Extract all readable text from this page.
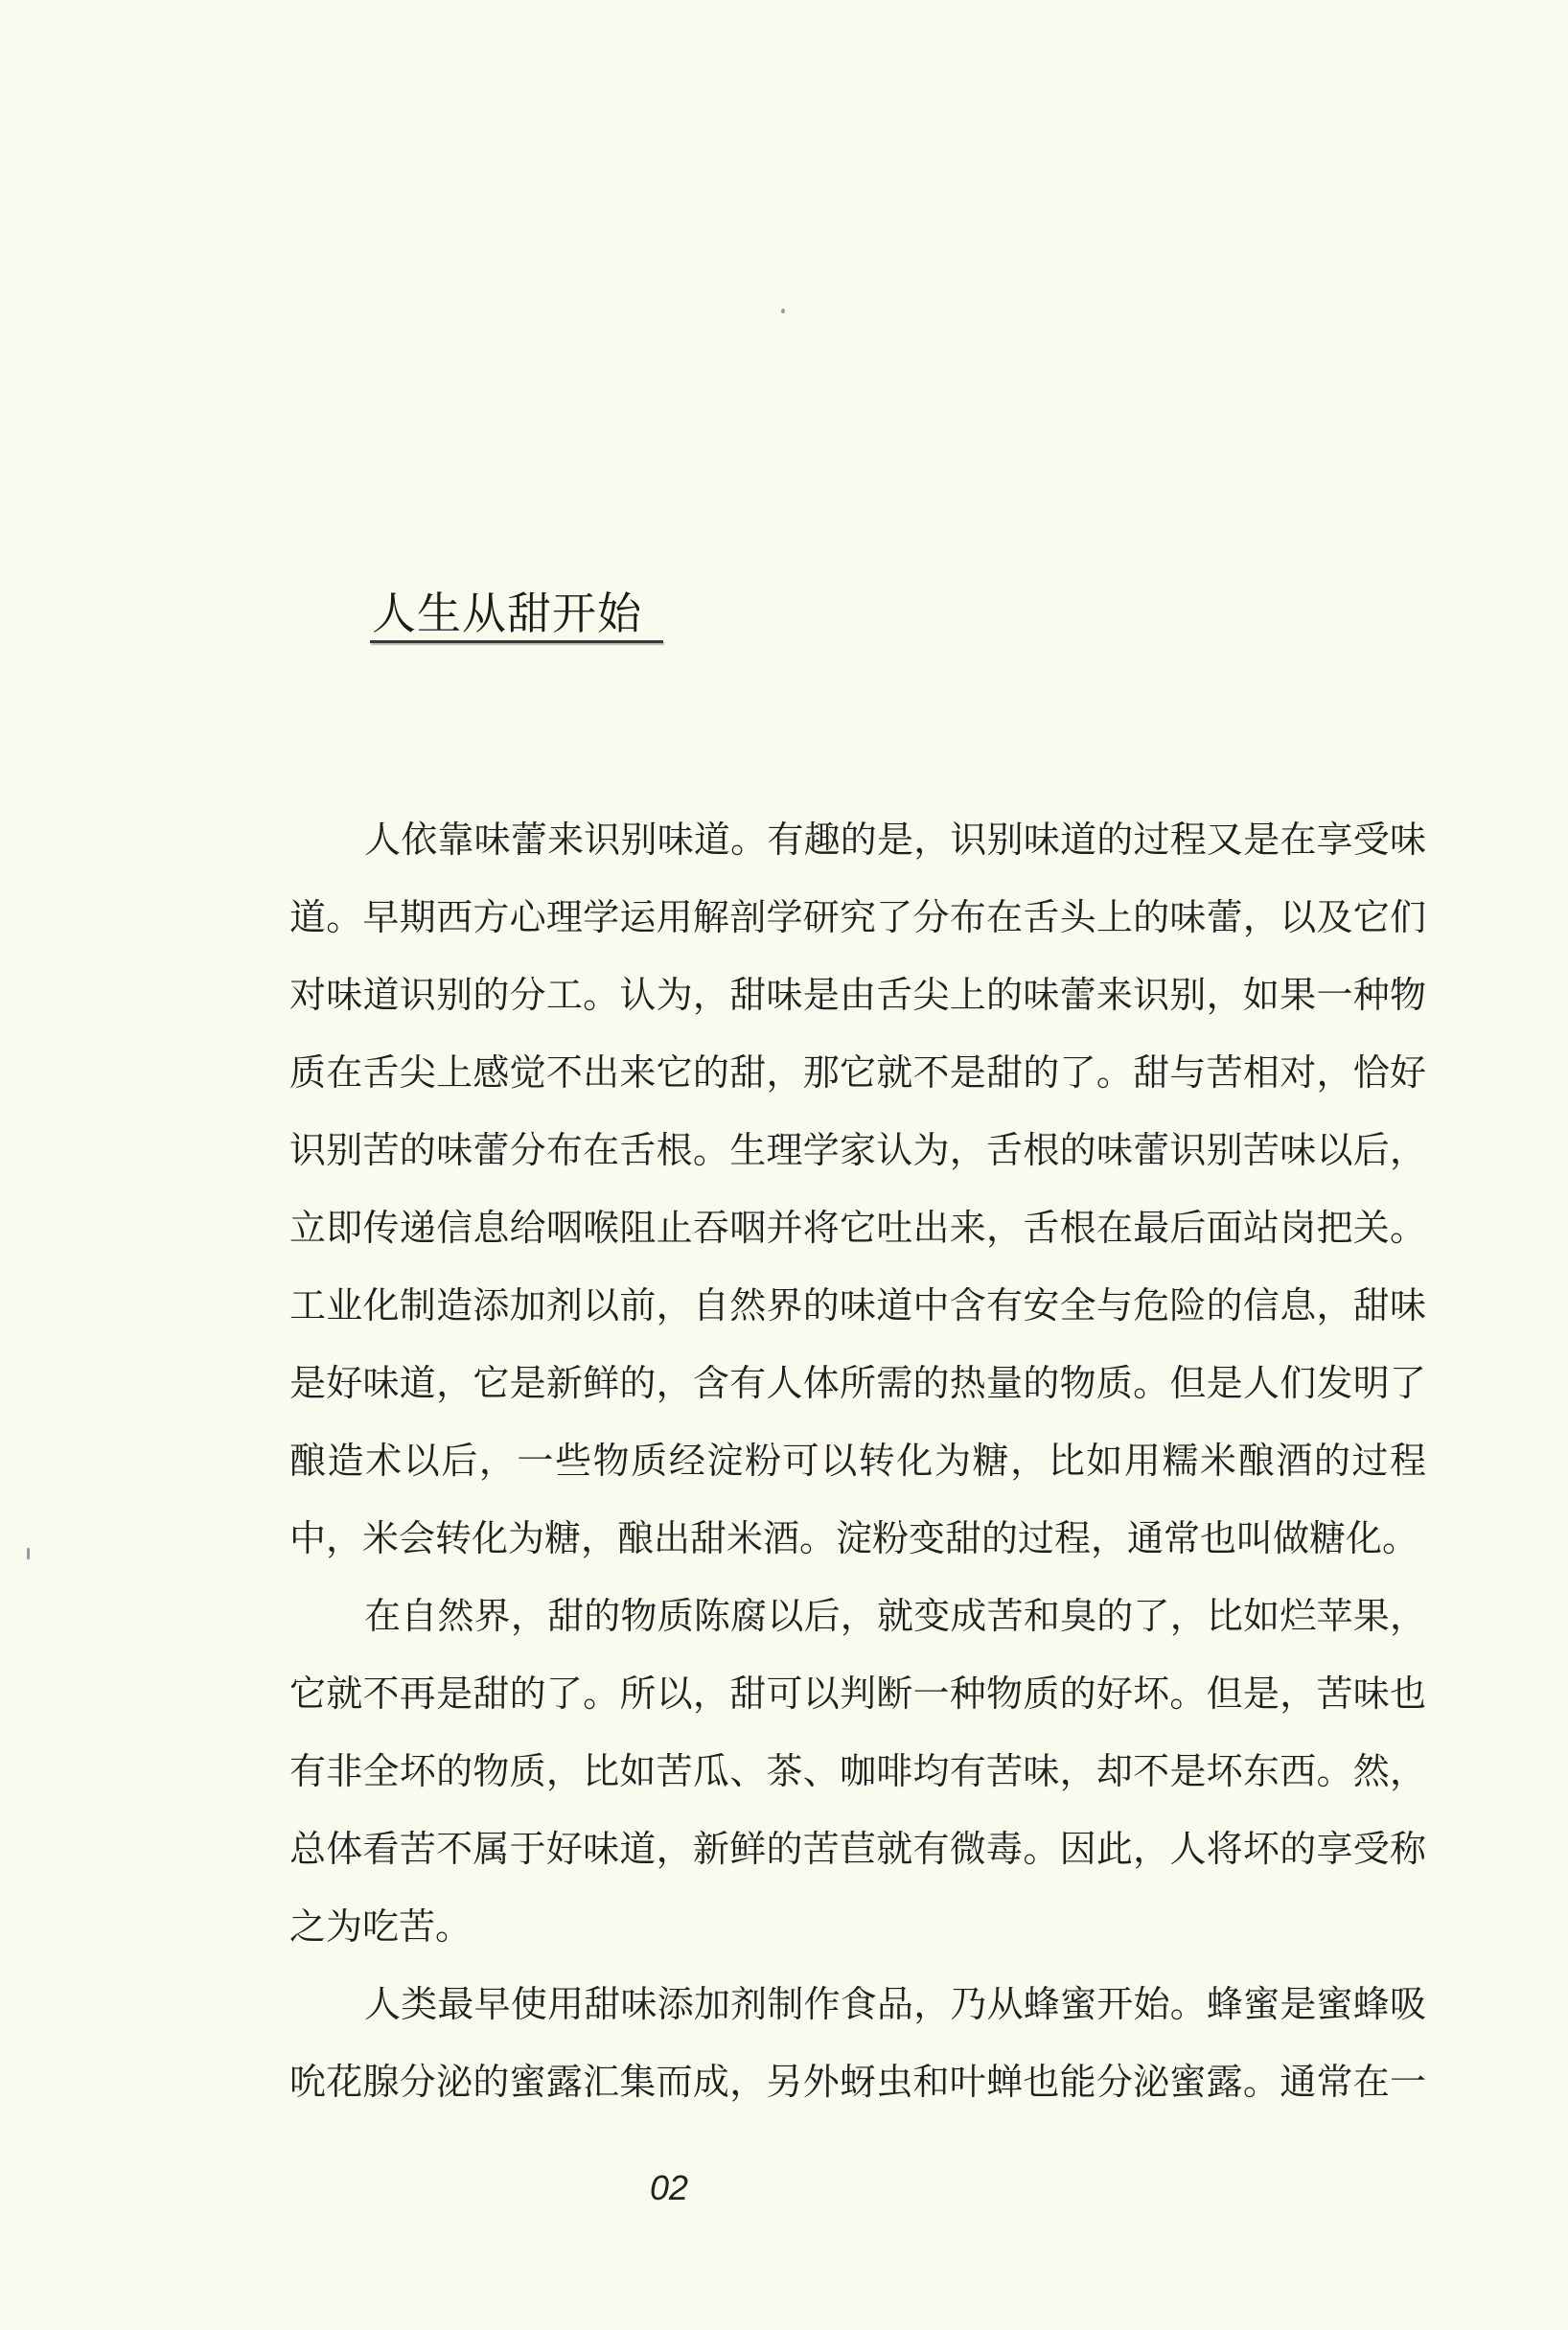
人生从甜开始
人依靠味蕾来识别味道。有趣的是，识别味道的过程又是在享受味
道。早期西方心理学运用解剖学研究了分布在舌头上的味蕾，以及它们
对味道识别的分工。认为，甜味是由舌尖上的味蕾来识别，如果一种物
质在舌尖上感觉不出来它的甜，那它就不是甜的了。甜与苦相对，恰好
识别苦的味蕾分布在舌根。生理学家认为，舌根的味蕾识别苦味以后，
立即传递信息给咽喉阻止吞咽并将它吐出来，舌根在最后面站岗把关。
工业化制造添加剂以前，自然界的味道中含有安全与危险的信息，甜味
是好味道，它是新鲜的，含有人体所需的热量的物质。但是人们发明了
酿造术以后，一些物质经淀粉可以转化为糖，比如用糯米酿酒的过程
中，米会转化为糖，酿出甜米酒。淀粉变甜的过程，通常也叫做糖化。
在自然界，甜的物质陈腐以后，就变成苦和臭的了，比如烂苹果，
它就不再是甜的了。所以，甜可以判断一种物质的好坏。但是，苦味也
有非全坏的物质，比如苦瓜、茶、咖啡均有苦味，却不是坏东西。然，
总体看苦不属于好味道，新鲜的苦苣就有微毒。因此，人将坏的享受称
之为吃苦。
人类最早使用甜味添加剂制作食品，乃从蜂蜜开始。蜂蜜是蜜蜂吸
吮花腺分泌的蜜露汇集而成，另外蚜虫和叶蝉也能分泌蜜露。通常在一
02
